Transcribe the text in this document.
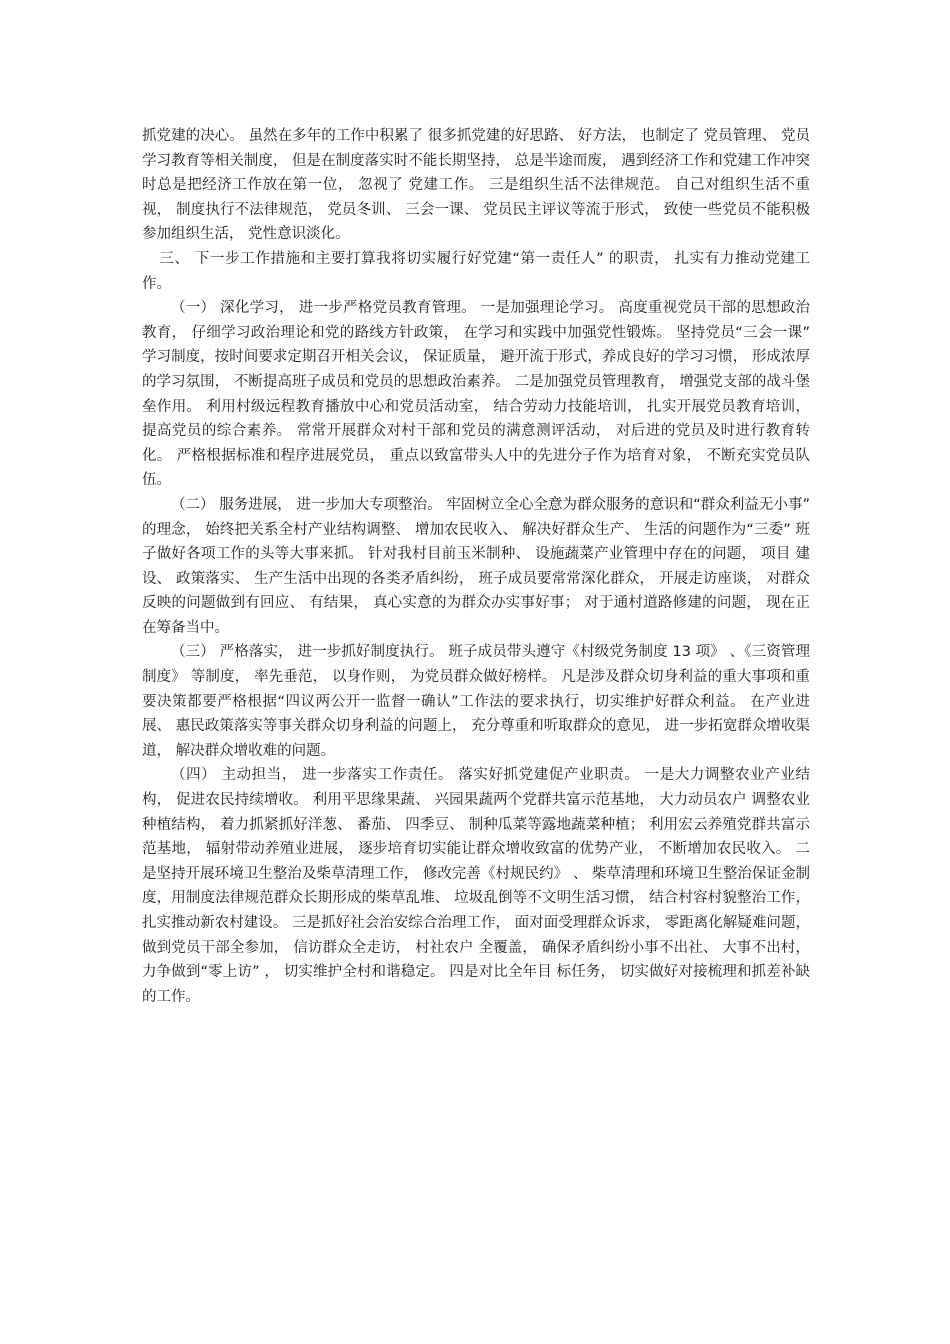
抓党建的决心。 虽然在多年的工作中积累了 很多抓党建的好思路、 好方法， 也制定了 党员管理、 党员学习教育等相关制度， 但是在制度落实时不能长期坚持， 总是半途而废， 遇到经济工作和党建工作冲突时总是把经济工作放在第一位， 忽视了 党建工作。 三是组织生活不法律规范。 自己对组织生活不重视， 制度执行不法律规范， 党员冬训、 三会一课、 党员民主评议等流于形式， 致使一些党员不能积极参加组织生活， 党性意识淡化。

三、 下一步工作措施和主要打算我将切实履行好党建“第一责任人” 的职责， 扎实有力推动党建工作。

（一） 深化学习， 进一步严格党员教育管理。 一是加强理论学习。 高度重视党员干部的思想政治教育， 仔细学习政治理论和党的路线方针政策， 在学习和实践中加强党性锻炼。 坚持党员“三会一课” 学习制度，按时间要求定期召开相关会议， 保证质量， 避开流于形式，养成良好的学习习惯， 形成浓厚的学习氛围， 不断提高班子成员和党员的思想政治素养。 二是加强党员管理教育， 增强党支部的战斗堡垒作用。 利用村级远程教育播放中心和党员活动室， 结合劳动力技能培训， 扎实开展党员教育培训， 提高党员的综合素养。 常常开展群众对村干部和党员的满意测评活动， 对后进的党员及时进行教育转化。 严格根据标准和程序进展党员， 重点以致富带头人中的先进分子作为培育对象， 不断充实党员队伍。

（二） 服务进展， 进一步加大专项整治。 牢固树立全心全意为群众服务的意识和“群众利益无小事” 的理念， 始终把关系全村产业结构调整、 增加农民收入、 解决好群众生产、 生活的问题作为“三委” 班子做好各项工作的头等大事来抓。 针对我村目前玉米制种、 设施蔬菜产业管理中存在的问题， 项目 建设、 政策落实、 生产生活中出现的各类矛盾纠纷， 班子成员要常常深化群众， 开展走访座谈， 对群众反映的问题做到有回应、 有结果， 真心实意的为群众办实事好事； 对于通村道路修建的问题， 现在正在筹备当中。

（三） 严格落实， 进一步抓好制度执行。 班子成员带头遵守《村级党务制度 13 项》 、《三资管理制度》 等制度， 率先垂范， 以身作则， 为党员群众做好榜样。 凡是涉及群众切身利益的重大事项和重要决策都要严格根据“四议两公开一监督一确认”工作法的要求执行，切实维护好群众利益。 在产业进展、 惠民政策落实等事关群众切身利益的问题上， 充分尊重和听取群众的意见， 进一步拓宽群众增收渠道， 解决群众增收难的问题。

（四） 主动担当， 进一步落实工作责任。 落实好抓党建促产业职责。 一是大力调整农业产业结构， 促进农民持续增收。 利用平思缘果蔬、 兴园果蔬两个党群共富示范基地， 大力动员农户 调整农业种植结构， 着力抓紧抓好洋葱、 番茄、 四季豆、 制种瓜菜等露地蔬菜种植； 利用宏云养殖党群共富示范基地， 辐射带动养殖业进展， 逐步培育切实能让群众增收致富的优势产业， 不断增加农民收入。 二是坚持开展环境卫生整治及柴草清理工作， 修改完善《村规民约》 、 柴草清理和环境卫生整治保证金制度，用制度法律规范群众长期形成的柴草乱堆、 垃圾乱倒等不文明生活习惯， 结合村容村貌整治工作， 扎实推动新农村建设。 三是抓好社会治安综合治理工作， 面对面受理群众诉求， 零距离化解疑难问题， 做到党员干部全参加， 信访群众全走访， 村社农户 全覆盖， 确保矛盾纠纷小事不出社、 大事不出村， 力争做到“零上访” ， 切实维护全村和谐稳定。 四是对比全年目 标任务， 切实做好对接梳理和抓差补缺的工作。
